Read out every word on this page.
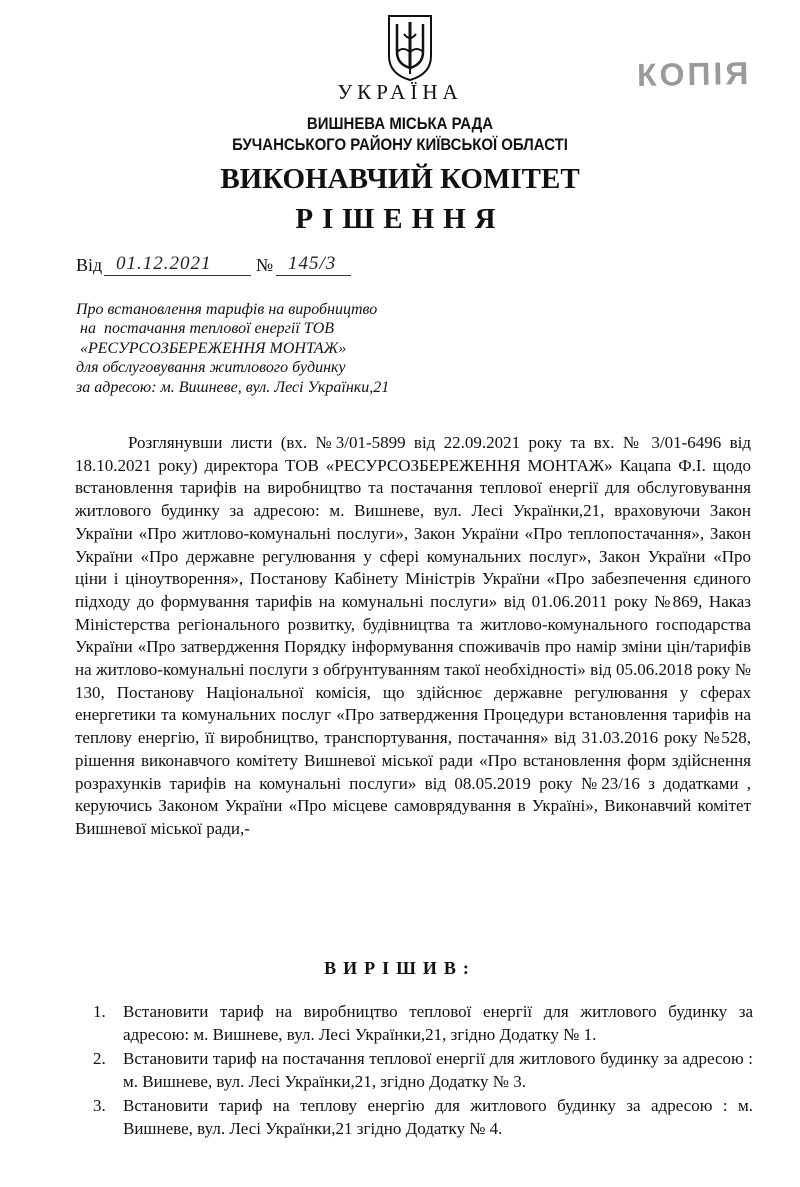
КОПІЯ
УКРАЇНА
ВИШНЕВА МІСЬКА РАДА
БУЧАНСЬКОГО РАЙОНУ КИЇВСЬКОЇ ОБЛАСТІ
ВИКОНАВЧИЙ КОМІТЕТ
РІШЕННЯ
Від 01.12.2021 № 145/3
Про встановлення тарифів на виробництво
на  постачання теплової енергії ТОВ
«РЕСУРСОЗБЕРЕЖЕННЯ МОНТАЖ»
для обслуговування житлового будинку
за адресою: м. Вишневе, вул. Лесі Українки,21

Розглянувши листи (вх. №3/01-5899 від 22.09.2021 року та вх. № 3/01-6496 від 18.10.2021 року) директора ТОВ «РЕСУРСОЗБЕРЕЖЕННЯ МОНТАЖ» Кацапа Ф.І. щодо встановлення тарифів на виробництво та постачання теплової енергії для обслуговування житлового будинку за адресою: м. Вишневе, вул. Лесі Українки,21, враховуючи Закон України «Про житлово-комунальні послуги», Закон України «Про теплопостачання», Закон України «Про державне регулювання у сфері комунальних послуг», Закон України «Про ціни і ціноутворення», Постанову Кабінету Міністрів України «Про забезпечення єдиного підходу до формування тарифів на комунальні послуги» від 01.06.2011 року №869, Наказ Міністерства регіонального розвитку, будівництва та житлово-комунального господарства України «Про затвердження Порядку інформування споживачів про намір зміни цін/тарифів на житлово-комунальні послуги з обґрунтуванням такої необхідності» від 05.06.2018 року № 130, Постанову Національної комісія, що здійснює державне регулювання у сферах енергетики та комунальних послуг «Про затвердження Процедури встановлення тарифів на теплову енергію, її виробництво, транспортування, постачання» від 31.03.2016 року №528, рішення виконавчого комітету Вишневої міської ради «Про встановлення форм здійснення розрахунків тарифів на комунальні послуги» від 08.05.2019 року №23/16 з додатками , керуючись Законом України «Про місцеве самоврядування в Україні», Виконавчий комітет Вишневої міської ради,-

ВИРІШИВ:
1. Встановити тариф на виробництво теплової енергії для житлового будинку за адресою: м. Вишневе, вул. Лесі Українки,21, згідно Додатку № 1.
2. Встановити тариф на постачання теплової енергії для житлового будинку за адресою : м. Вишневе, вул. Лесі Українки,21, згідно Додатку № 3.
3. Встановити тариф на теплову енергію для житлового будинку за адресою : м. Вишневе, вул. Лесі Українки,21 згідно Додатку № 4.
